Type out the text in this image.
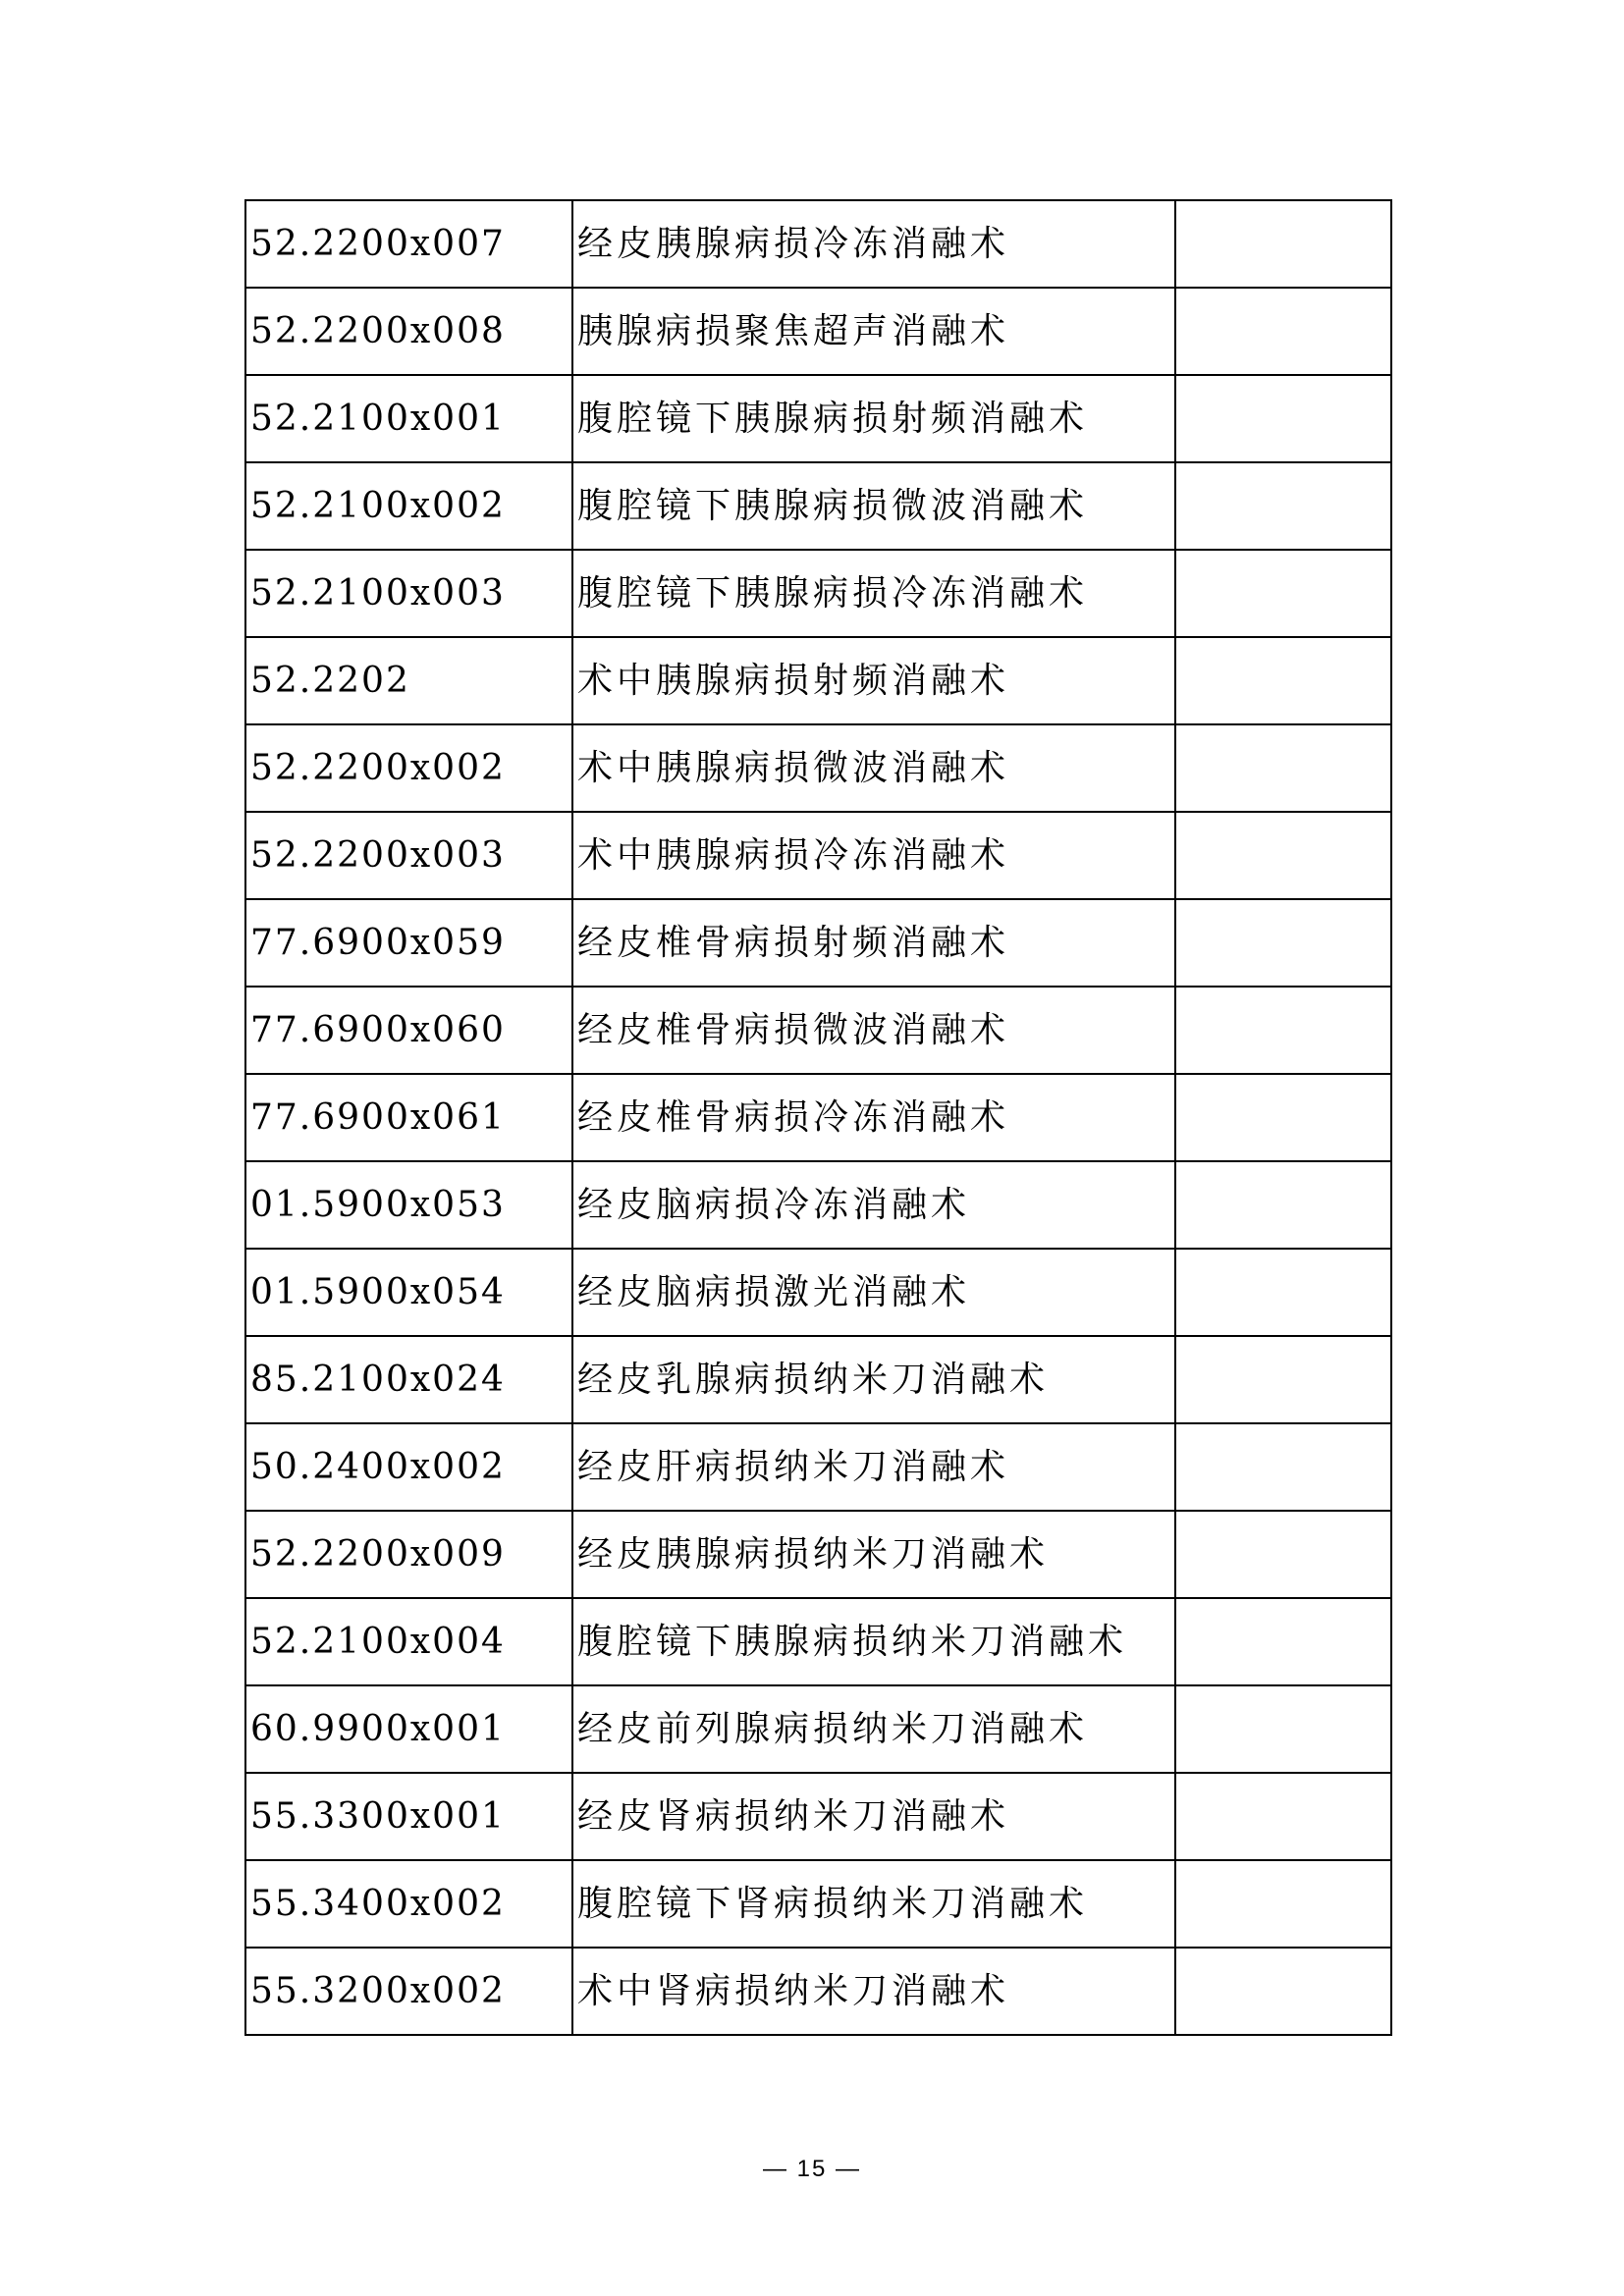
52.2200x007	经皮胰腺病损冷冻消融术	
52.2200x008	胰腺病损聚焦超声消融术	
52.2100x001	腹腔镜下胰腺病损射频消融术	
52.2100x002	腹腔镜下胰腺病损微波消融术	
52.2100x003	腹腔镜下胰腺病损冷冻消融术	
52.2202	术中胰腺病损射频消融术	
52.2200x002	术中胰腺病损微波消融术	
52.2200x003	术中胰腺病损冷冻消融术	
77.6900x059	经皮椎骨病损射频消融术	
77.6900x060	经皮椎骨病损微波消融术	
77.6900x061	经皮椎骨病损冷冻消融术	
01.5900x053	经皮脑病损冷冻消融术	
01.5900x054	经皮脑病损激光消融术	
85.2100x024	经皮乳腺病损纳米刀消融术	
50.2400x002	经皮肝病损纳米刀消融术	
52.2200x009	经皮胰腺病损纳米刀消融术	
52.2100x004	腹腔镜下胰腺病损纳米刀消融术	
60.9900x001	经皮前列腺病损纳米刀消融术	
55.3300x001	经皮肾病损纳米刀消融术	
55.3400x002	腹腔镜下肾病损纳米刀消融术	
55.3200x002	术中肾病损纳米刀消融术	
— 15 —
